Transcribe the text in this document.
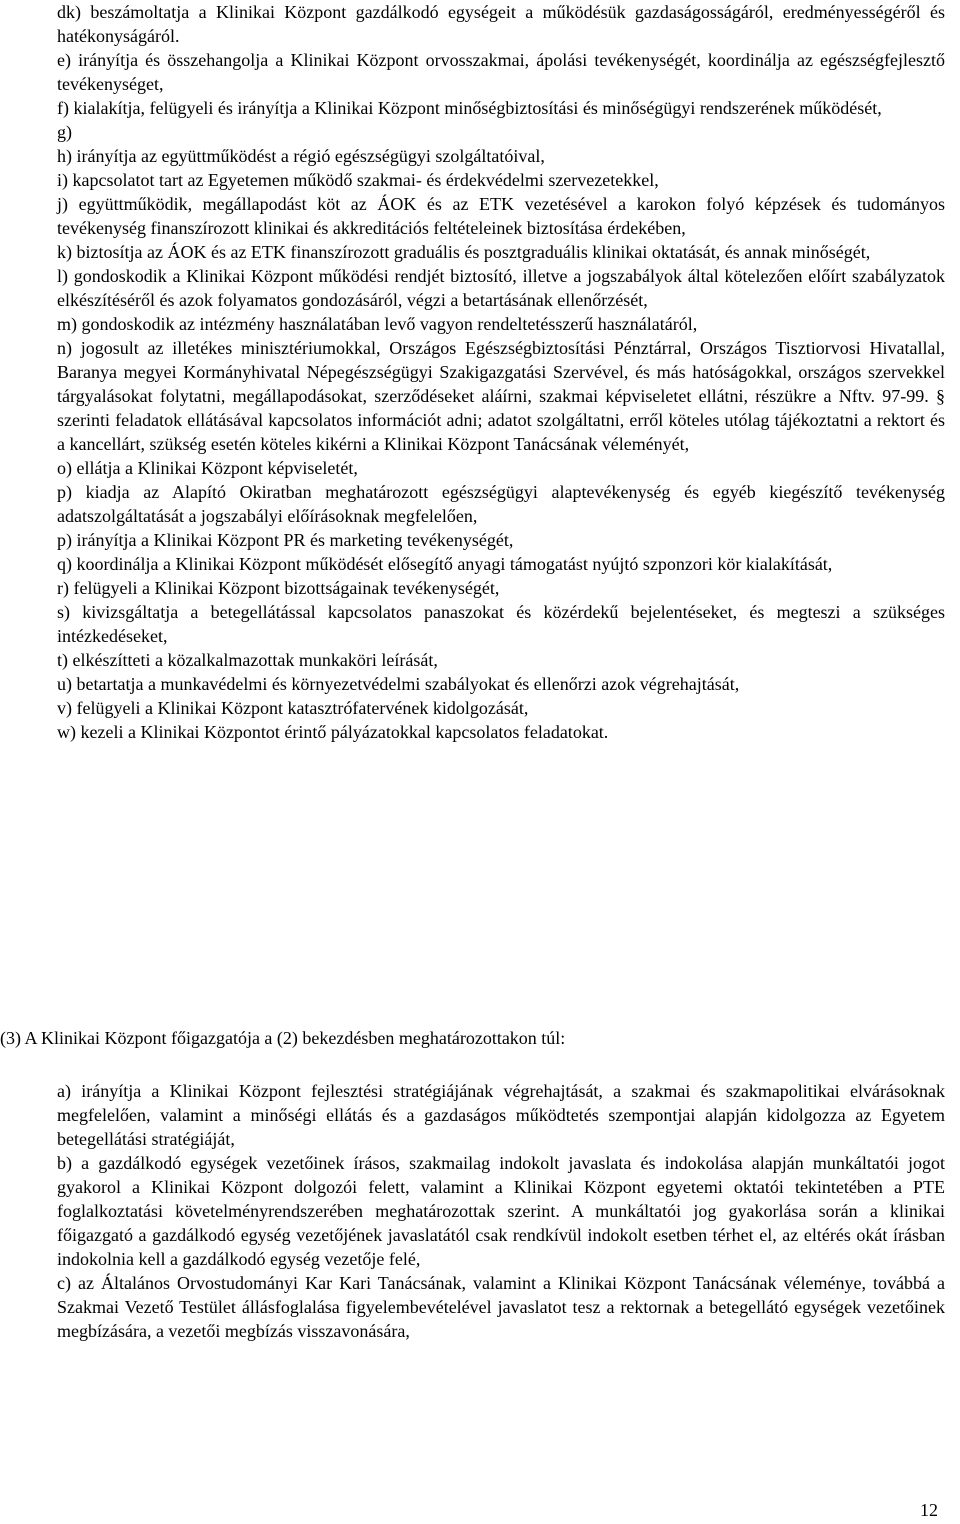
dk) beszámoltatja a Klinikai Központ gazdálkodó egységeit a működésük gazdaságosságáról, eredményességéről és hatékonyságáról.

e) irányítja és összehangolja a Klinikai Központ orvosszakmai, ápolási tevékenységét, koordinálja az egészségfejlesztő tevékenységet,

f) kialakítja, felügyeli és irányítja a Klinikai Központ minőségbiztosítási és minőségügyi rendszerének működését,

g)

h) irányítja az együttműködést a régió egészségügyi szolgáltatóival,

i) kapcsolatot tart az Egyetemen működő szakmai- és érdekvédelmi szervezetekkel,

j) együttműködik, megállapodást köt az ÁOK és az ETK vezetésével a karokon folyó képzések és tudományos tevékenység finanszírozott klinikai és akkreditációs feltételeinek biztosítása érdekében,

k) biztosítja az ÁOK és az ETK finanszírozott graduális és posztgraduális klinikai oktatását, és annak minőségét,

l) gondoskodik a Klinikai Központ működési rendjét biztosító, illetve a jogszabályok által kötelezően előírt szabályzatok elkészítéséről és azok folyamatos gondozásáról, végzi a betartásának ellenőrzését,

m) gondoskodik az intézmény használatában levő vagyon rendeltetésszerű használatáról,

n) jogosult az illetékes minisztériumokkal, Országos Egészségbiztosítási Pénztárral, Országos Tisztiorvosi Hivatallal, Baranya megyei Kormányhivatal Népegészségügyi Szakigazgatási Szervével, és más hatóságokkal, országos szervekkel tárgyalásokat folytatni, megállapodásokat, szerződéseket aláírni, szakmai képviseletet ellátni, részükre a Nftv. 97-99. § szerinti feladatok ellátásával kapcsolatos információt adni; adatot szolgáltatni, erről köteles utólag tájékoztatni a rektort és a kancellárt, szükség esetén köteles kikérni a Klinikai Központ Tanácsának véleményét,

o) ellátja a Klinikai Központ képviseletét,

p) kiadja az Alapító Okiratban meghatározott egészségügyi alaptevékenység és egyéb kiegészítő tevékenység adatszolgáltatását a jogszabályi előírásoknak megfelelően,

p) irányítja a Klinikai Központ PR és marketing tevékenységét,

q) koordinálja a Klinikai Központ működését elősegítő anyagi támogatást nyújtó szponzori kör kialakítását,

r) felügyeli a Klinikai Központ bizottságainak tevékenységét,

s) kivizsgáltatja a betegellátással kapcsolatos panaszokat és közérdekű bejelentéseket, és megteszi a szükséges intézkedéseket,

t) elkészítteti a közalkalmazottak munkaköri leírását,

u) betartatja a munkavédelmi és környezetvédelmi szabályokat és ellenőrzi azok végrehajtását,

v) felügyeli a Klinikai Központ katasztrófatervének kidolgozását,

w) kezeli a Klinikai Központot érintő pályázatokkal kapcsolatos feladatokat.

(3) A Klinikai Központ főigazgatója a (2) bekezdésben meghatározottakon túl:

a) irányítja a Klinikai Központ fejlesztési stratégiájának végrehajtását, a szakmai és szakmapolitikai elvárásoknak megfelelően, valamint a minőségi ellátás és a gazdaságos működtetés szempontjai alapján kidolgozza az Egyetem betegellátási stratégiáját,

b) a gazdálkodó egységek vezetőinek írásos, szakmailag indokolt javaslata és indokolása alapján munkáltatói jogot gyakorol a Klinikai Központ dolgozói felett, valamint a Klinikai Központ egyetemi oktatói tekintetében a PTE foglalkoztatási követelményrendszerében meghatározottak szerint. A munkáltatói jog gyakorlása során a klinikai főigazgató a gazdálkodó egység vezetőjének javaslatától csak rendkívül indokolt esetben térhet el, az eltérés okát írásban indokolnia kell a gazdálkodó egység vezetője felé,

c) az Általános Orvostudományi Kar Kari Tanácsának, valamint a Klinikai Központ Tanácsának véleménye, továbbá a Szakmai Vezető Testület állásfoglalása figyelembevételével javaslatot tesz a rektornak a betegellátó egységek vezetőinek megbízására, a vezetői megbízás visszavonására,

12
